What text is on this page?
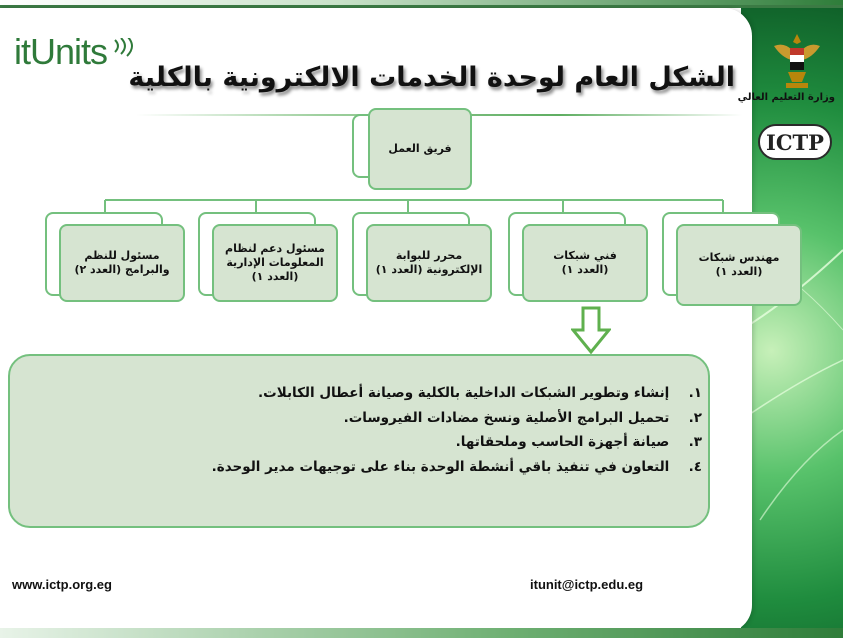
itUnits
الشكل العام لوحدة الخدمات الالكترونية بالكلية
وزارة التعليم العالي
ICTP
فريق العمل
مهندس شبكات
(العدد ١)
فني شبكات
(العدد ١)
محرر للبوابة
الإلكترونية (العدد ١)
مسئول دعم لنظام
المعلومات الإدارية
(العدد ١)
مسئول للنظم
والبرامج (العدد ٢)
١. إنشاء وتطوير الشبكات الداخلية بالكلية وصيانة أعطال الكابلات.
٢. تحميل البرامج الأصلية ونسخ مضادات الفيروسات.
٣. صيانة أجهزة الحاسب وملحقاتها.
٤. التعاون في تنفيذ باقي أنشطة الوحدة بناء على توجيهات مدير الوحدة.
www.ictp.org.eg	itunit@ictp.edu.eg
